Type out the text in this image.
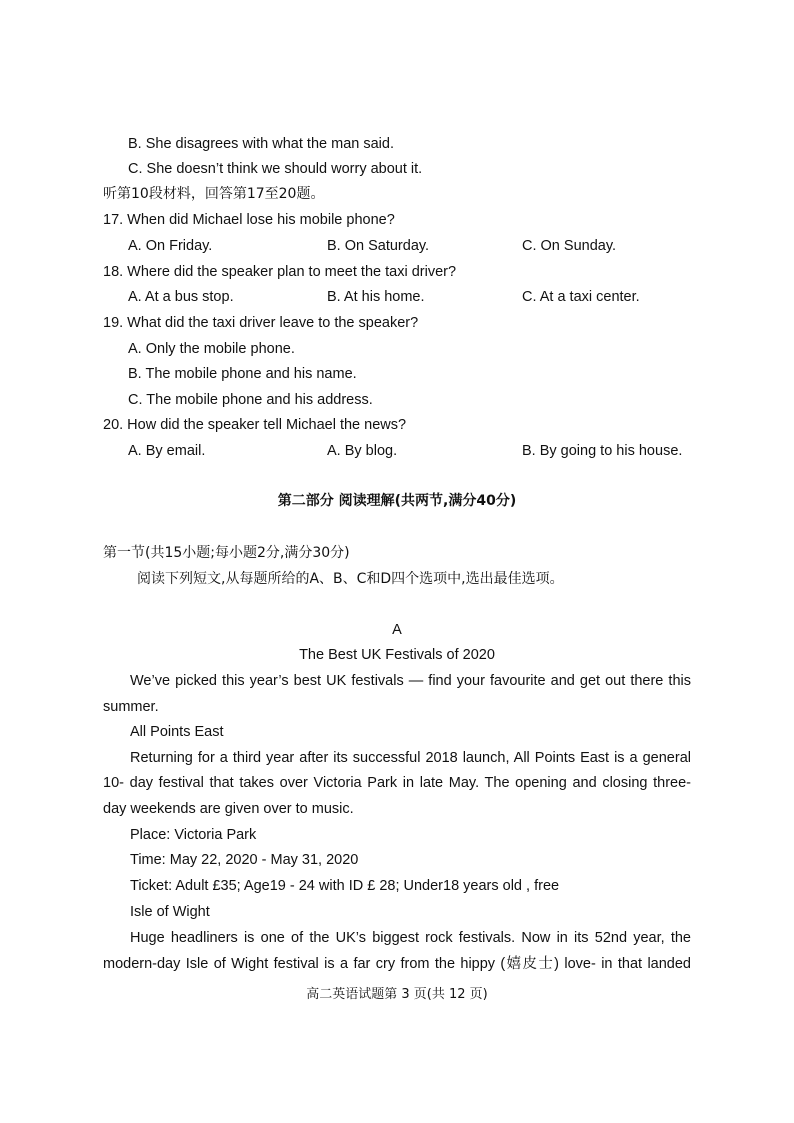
B. She disagrees with what the man said.
C. She doesn’t think we should worry about it.
听第10段材料，回答第17至20题。
17. When did Michael lose his mobile phone?
A. On Friday.	B. On Saturday.	C. On Sunday.
18. Where did the speaker plan to meet the taxi driver?
A. At a bus stop.	B. At his home.	C. At a taxi center.
19. What did the taxi driver leave to the speaker?
A. Only the mobile phone.
B. The mobile phone and his name.
C. The mobile phone and his address.
20. How did the speaker tell Michael the news?
A. By email.	A. By blog.	B. By going to his house.
第二部分 阅读理解(共两节,满分40分)
第一节(共15小题;每小题2分,满分30分)
阅读下列短文,从每题所给的A、B、C和D四个选项中,选出最佳选项。
A
The Best UK Festivals of 2020
We’ve picked this year’s best UK festivals — find your favourite and get out there this
summer.
All Points East
Returning for a third year after its successful 2018 launch, All Points East is a general
10- day festival that takes over Victoria Park in late May. The opening and closing three-
day weekends are given over to music.
Place: Victoria Park
Time: May 22, 2020 - May 31, 2020
Ticket: Adult £35; Age19 - 24 with ID £ 28; Under18 years old , free
Isle of Wight
Huge headliners is one of the UK’s biggest rock festivals. Now in its 52nd year, the
modern-day Isle of Wight festival is a far cry from the hippy (嬉皮士) love- in that landed
高二英语试题第 3 页(共 12 页)
